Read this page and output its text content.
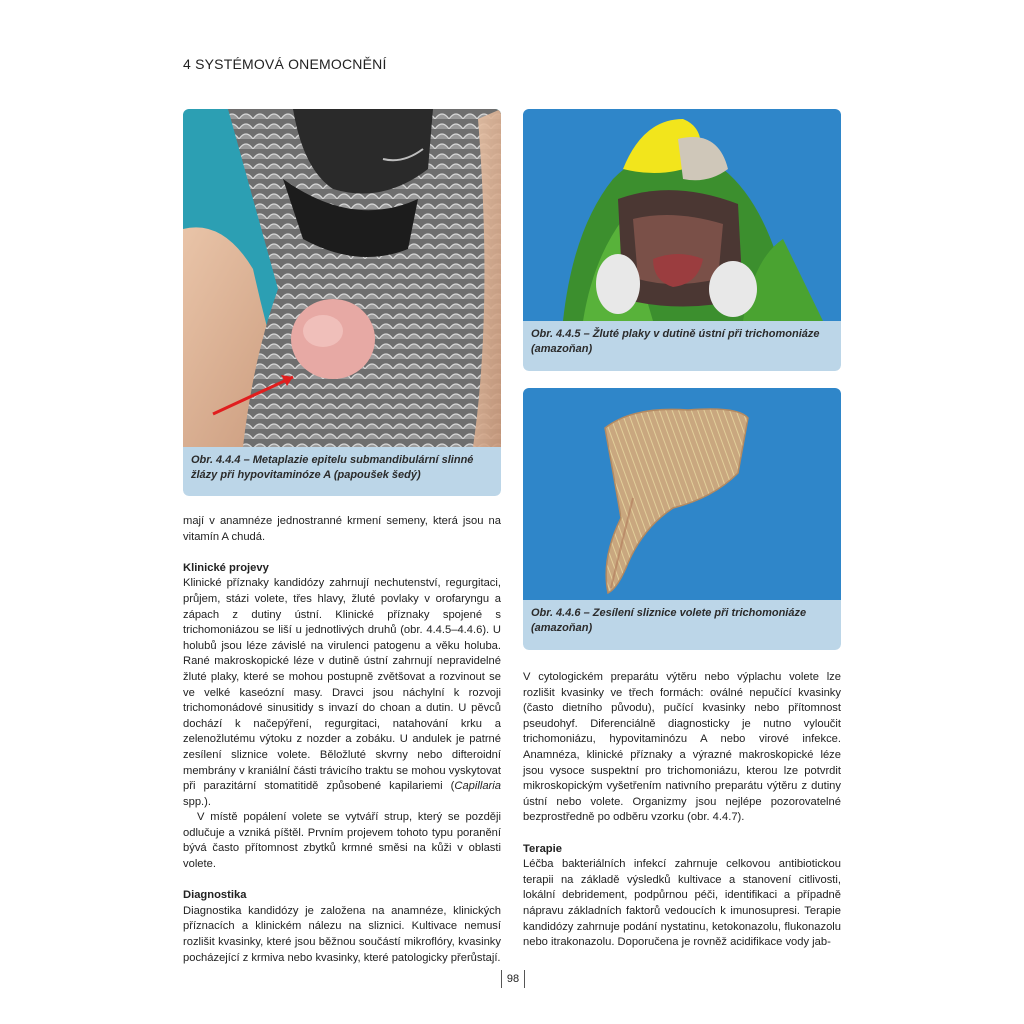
4 SYSTÉMOVÁ ONEMOCNĚNÍ
Obr. 4.4.4 – Metaplazie epitelu submandibulární slinné žlázy při hypovitaminóze A (papoušek šedý)
Obr. 4.4.5 – Žluté plaky v dutině ústní při trichomoniáze (amazoňan)
Obr. 4.4.6 – Zesílení sliznice volete při trichomoniáze (amazoňan)

mají v anamnéze jednostranné krmení semeny, která jsou na vitamín A chudá.

Klinické projevy

Klinické příznaky kandidózy zahrnují nechutenství, regurgitaci, průjem, stázi volete, třes hlavy, žluté povlaky v orofaryngu a zápach z dutiny ústní. Klinické příznaky spojené s trichomoniázou se liší u jednotlivých druhů (obr. 4.4.5–4.4.6). U holubů jsou léze závislé na virulenci patogenu a věku holuba. Rané makroskopické léze v dutině ústní zahrnují nepravidelné žluté plaky, které se mohou postupně zvětšovat a rozvinout se ve velké kaseózní masy. Dravci jsou náchylní k rozvoji trichomonádové sinusitidy s invazí do choan a dutin. U pěvců dochází k načepýření, regurgitaci, natahování krku a zelenožlutému výtoku z nozder a zobáku. U andulek je patrné zesílení sliznice volete. Běložluté skvrny nebo difteroidní membrány v kraniální části trávicího traktu se mohou vyskytovat při parazitární stomatitidě způsobené kapilariemi (Capillaria spp.).

V místě popálení volete se vytváří strup, který se později odlučuje a vzniká píštěl. Prvním projevem tohoto typu poranění bývá často přítomnost zbytků krmné směsi na kůži v oblasti volete.

Diagnostika

Diagnostika kandidózy je založena na anamnéze, klinických příznacích a klinickém nálezu na sliznici. Kultivace nemusí rozlišit kvasinky, které jsou běžnou součástí mikroflóry, kvasinky pocházející z krmiva nebo kvasinky, které patologicky přerůstají.

V cytologickém preparátu výtěru nebo výplachu volete lze rozlišit kvasinky ve třech formách: oválné nepučící kvasinky (často dietního původu), pučící kvasinky nebo přítomnost pseudohyf. Diferenciálně diagnosticky je nutno vyloučit trichomoniázu, hypovitaminózu A nebo virové infekce. Anamnéza, klinické příznaky a výrazné makroskopické léze jsou vysoce suspektní pro trichomoniázu, kterou lze potvrdit mikroskopickým vyšetřením nativního preparátu výtěru z dutiny ústní nebo volete. Organizmy jsou nejlépe pozorovatelné bezprostředně po odběru vzorku (obr. 4.4.7).

Terapie

Léčba bakteriálních infekcí zahrnuje celkovou antibiotickou terapii na základě výsledků kultivace a stanovení citlivosti, lokální debridement, podpůrnou péči, identifikaci a případně nápravu základních faktorů vedoucích k imunosupresi. Terapie kandidózy zahrnuje podání nystatinu, ketokonazolu, flukonazolu nebo itrakonazolu. Doporučena je rovněž acidifikace vody jab-

98
